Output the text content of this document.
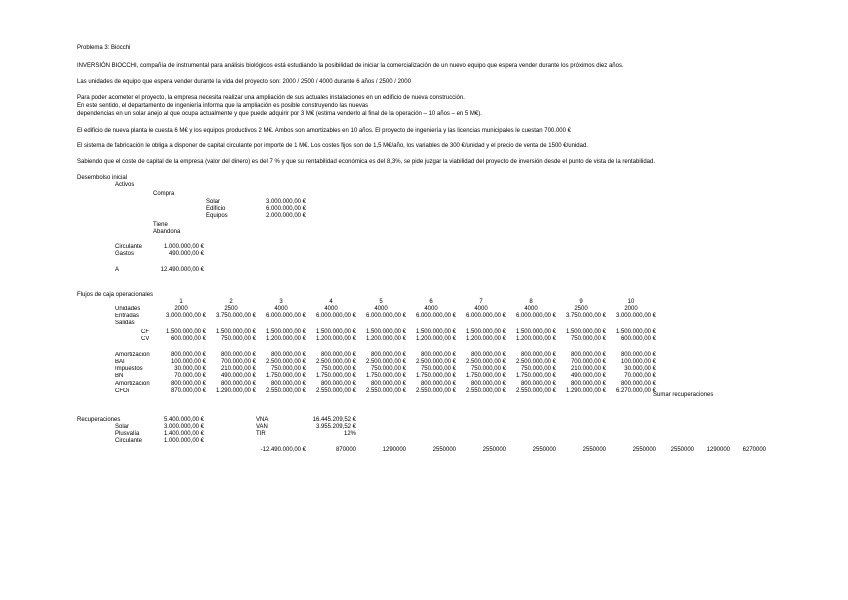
Problema 3: Biocchi
INVERSIÓN BIOCCHI, compañía de instrumental para análisis biológicos está estudiando la posibilidad de iniciar la comercialización de un nuevo equipo que espera vender durante los próximos diez años.
Las unidades de equipo que espera vender durante la vida del proyecto son: 2000 / 2500 / 4000 durante 6 años / 2500 / 2000
Para poder acometer el proyecto, la empresa necesita realizar una ampliación de sus actuales instalaciones en un edificio de nueva construcción.
En este sentido, el departamento de ingeniería informa que la ampliación es posible construyendo las nuevas
dependencias en un solar anejo al que ocupa actualmente y que puede adquirir por 3 M€ (estima venderlo al final de la operación – 10 años – en 5 M€).
El edificio de nueva planta le cuesta 6 M€ y los equipos productivos 2 M€. Ambos son amortizables en 10 años. El proyecto de ingeniería y las licencias municipales le cuestan 700.000 €
El sistema de fabricación le obliga a disponer de capital circulante por importe de 1 M€. Los costes fijos son de 1,5 M€/año, los variables de 300 €/unidad y el precio de venta de 1500 €/unidad.
Sabiendo que el coste de capital de la empresa (valor del dinero) es del 7 % y que su rentabilidad económica es del 8,3%, se pide juzgar la viabilidad del proyecto de inversión desde el punto de vista de la rentabilidad.
Desembolso inicial
Activos
Compra
Solar	3.000.000,00 €
Edificio	6.000.000,00 €
Equipos	2.000.000,00 €
Tiene
Abandona
Circulante	1.000.000,00 €
Gastos	490.000,00 €
A	12.490.000,00 €
Flujos de caja operacionales
1	2	3	4	5	6	7	8	9	10
Unidades	2000	2500	4000	4000	4000	4000	4000	4000	2500	2000
Entradas	3.000.000,00 €	3.750.000,00 €	6.000.000,00 €	6.000.000,00 €	6.000.000,00 €	6.000.000,00 €	6.000.000,00 €	6.000.000,00 €	3.750.000,00 €	3.000.000,00 €
Salidas
CF	1.500.000,00 €	1.500.000,00 €	1.500.000,00 €	1.500.000,00 €	1.500.000,00 €	1.500.000,00 €	1.500.000,00 €	1.500.000,00 €	1.500.000,00 €	1.500.000,00 €
CV	600.000,00 €	750.000,00 €	1.200.000,00 €	1.200.000,00 €	1.200.000,00 €	1.200.000,00 €	1.200.000,00 €	1.200.000,00 €	750.000,00 €	600.000,00 €
Amortizacion	800.000,00 €	800.000,00 €	800.000,00 €	800.000,00 €	800.000,00 €	800.000,00 €	800.000,00 €	800.000,00 €	800.000,00 €	800.000,00 €
BAI	100.000,00 €	700.000,00 €	2.500.000,00 €	2.500.000,00 €	2.500.000,00 €	2.500.000,00 €	2.500.000,00 €	2.500.000,00 €	700.000,00 €	100.000,00 €
Impuestos	30.000,00 €	210.000,00 €	750.000,00 €	750.000,00 €	750.000,00 €	750.000,00 €	750.000,00 €	750.000,00 €	210.000,00 €	30.000,00 €
BN	70.000,00 €	490.000,00 €	1.750.000,00 €	1.750.000,00 €	1.750.000,00 €	1.750.000,00 €	1.750.000,00 €	1.750.000,00 €	490.000,00 €	70.000,00 €
Amortización	800.000,00 €	800.000,00 €	800.000,00 €	800.000,00 €	800.000,00 €	800.000,00 €	800.000,00 €	800.000,00 €	800.000,00 €	800.000,00 €
CFOi	870.000,00 €	1.290.000,00 €	2.550.000,00 €	2.550.000,00 €	2.550.000,00 €	2.550.000,00 €	2.550.000,00 €	2.550.000,00 €	1.290.000,00 €	6.270.000,00 €
Sumar recuperaciones
Recuperaciones	5.400.000,00 €
Solar	3.000.000,00 €
Plusvalía	1.400.000,00 €
Circulante	1.000.000,00 €
VNA	16.445.209,52 €
VAN	3.955.209,52 €
TIR	12%
-12.490.000,00 €	870000	1290000	2550000	2550000	2550000	2550000	2550000	2550000	1290000	6270000
